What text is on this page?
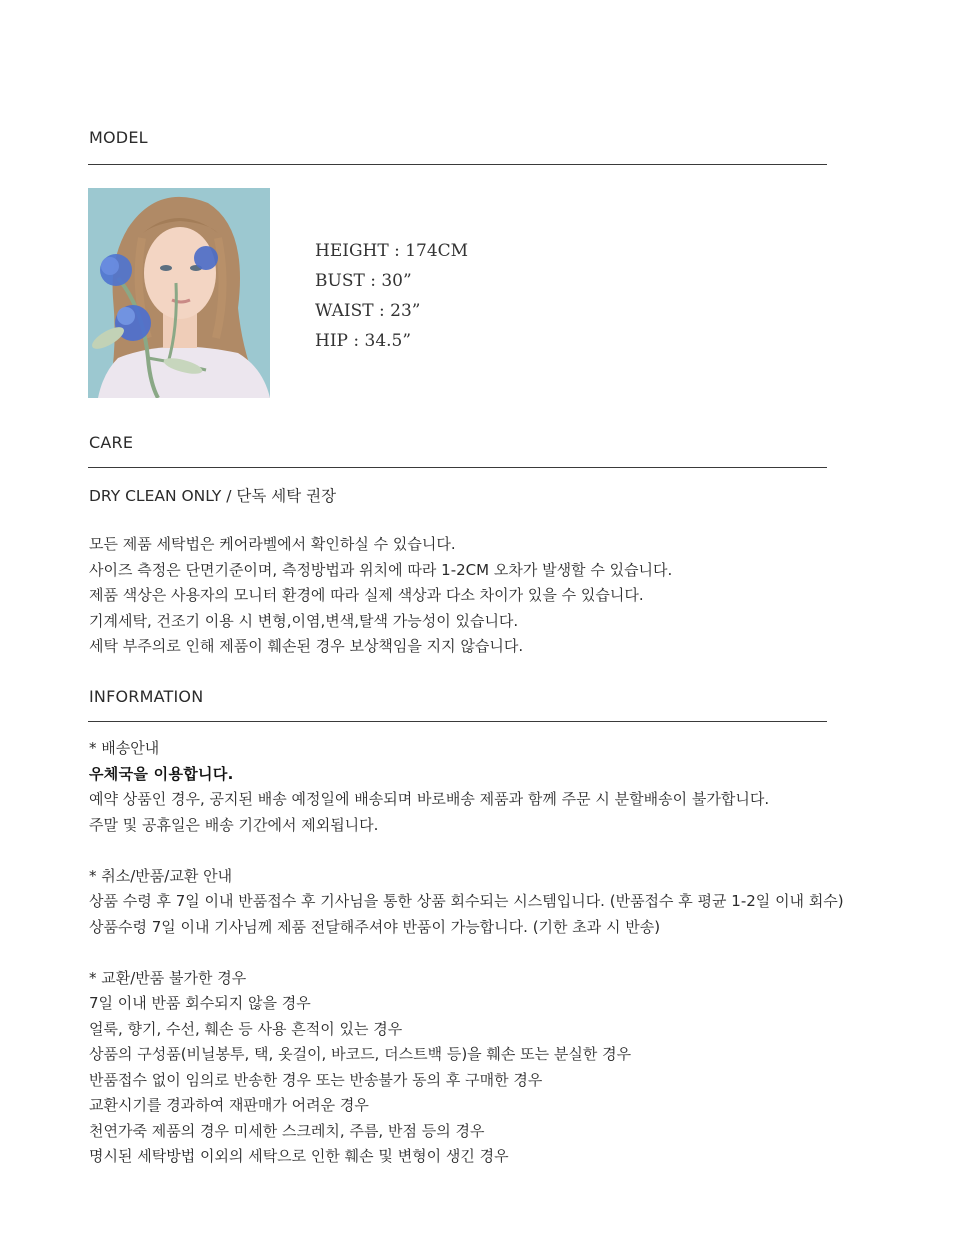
MODEL
HEIGHT : 174CM
BUST : 30”
WAIST : 23”
HIP : 34.5”
CARE
DRY CLEAN ONLY / 단독 세탁 권장
모든 제품 세탁법은 케어라벨에서 확인하실 수 있습니다.
사이즈 측정은 단면기준이며, 측정방법과 위치에 따라 1-2CM 오차가 발생할 수 있습니다.
제품 색상은 사용자의 모니터 환경에 따라 실제 색상과 다소 차이가 있을 수 있습니다.
기계세탁, 건조기 이용 시 변형,이염,변색,탈색 가능성이 있습니다.
세탁 부주의로 인해 제품이 훼손된 경우 보상책임을 지지 않습니다.
INFORMATION
* 배송안내
우체국을 이용합니다.
예약 상품인 경우, 공지된 배송 예정일에 배송되며 바로배송 제품과 함께 주문 시 분할배송이 불가합니다.
주말 및 공휴일은 배송 기간에서 제외됩니다.
* 취소/반품/교환 안내
상품 수령 후 7일 이내 반품접수 후 기사님을 통한 상품 회수되는 시스템입니다. (반품접수 후 평균 1-2일 이내 회수)
상품수령 7일 이내 기사님께 제품 전달해주셔야 반품이 가능합니다. (기한 초과 시 반송)
* 교환/반품 불가한 경우
7일 이내 반품 회수되지 않을 경우
얼룩, 향기, 수선, 훼손 등 사용 흔적이 있는 경우
상품의 구성품(비닐봉투, 택, 옷걸이, 바코드, 더스트백 등)을 훼손 또는 분실한 경우
반품접수 없이 임의로 반송한 경우 또는 반송불가 동의 후 구매한 경우
교환시기를 경과하여 재판매가 어려운 경우
천연가죽 제품의 경우 미세한 스크레치, 주름, 반점 등의 경우
명시된 세탁방법 이외의 세탁으로 인한 훼손 및 변형이 생긴 경우
